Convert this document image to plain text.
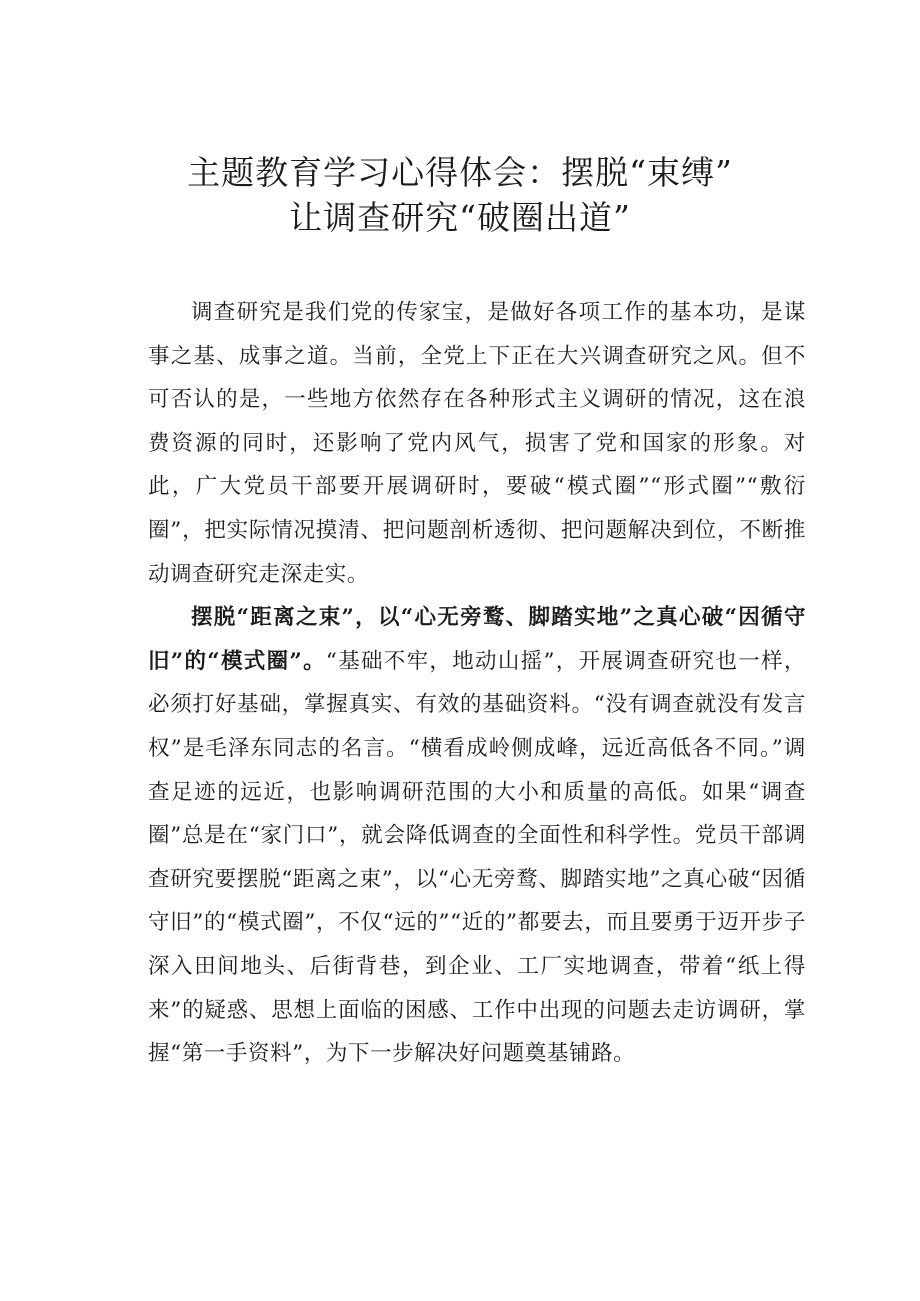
主题教育学习心得体会：摆脱“束缚”
让调查研究“破圈出道”

调查研究是我们党的传家宝，是做好各项工作的基本功，是谋事之基、成事之道。当前，全党上下正在大兴调查研究之风。但不可否认的是，一些地方依然存在各种形式主义调研的情况，这在浪费资源的同时，还影响了党内风气，损害了党和国家的形象。对此，广大党员干部要开展调研时，要破“模式圈”“形式圈”“敷衍圈”，把实际情况摸清、把问题剖析透彻、把问题解决到位，不断推动调查研究走深走实。

摆脱“距离之束”，以“心无旁鹜、脚踏实地”之真心破“因循守旧”的“模式圈”。“基础不牢，地动山摇”，开展调查研究也一样，必须打好基础，掌握真实、有效的基础资料。“没有调查就没有发言权”是毛泽东同志的名言。“横看成岭侧成峰，远近高低各不同。”调查足迹的远近，也影响调研范围的大小和质量的高低。如果“调查圈”总是在“家门口”，就会降低调查的全面性和科学性。党员干部调查研究要摆脱“距离之束”，以“心无旁鹜、脚踏实地”之真心破“因循守旧”的“模式圈”，不仅“远的”“近的”都要去，而且要勇于迈开步子深入田间地头、后街背巷，到企业、工厂实地调查，带着“纸上得来”的疑惑、思想上面临的困感、工作中出现的问题去走访调研，掌握“第一手资料”，为下一步解决好问题奠基铺路。
